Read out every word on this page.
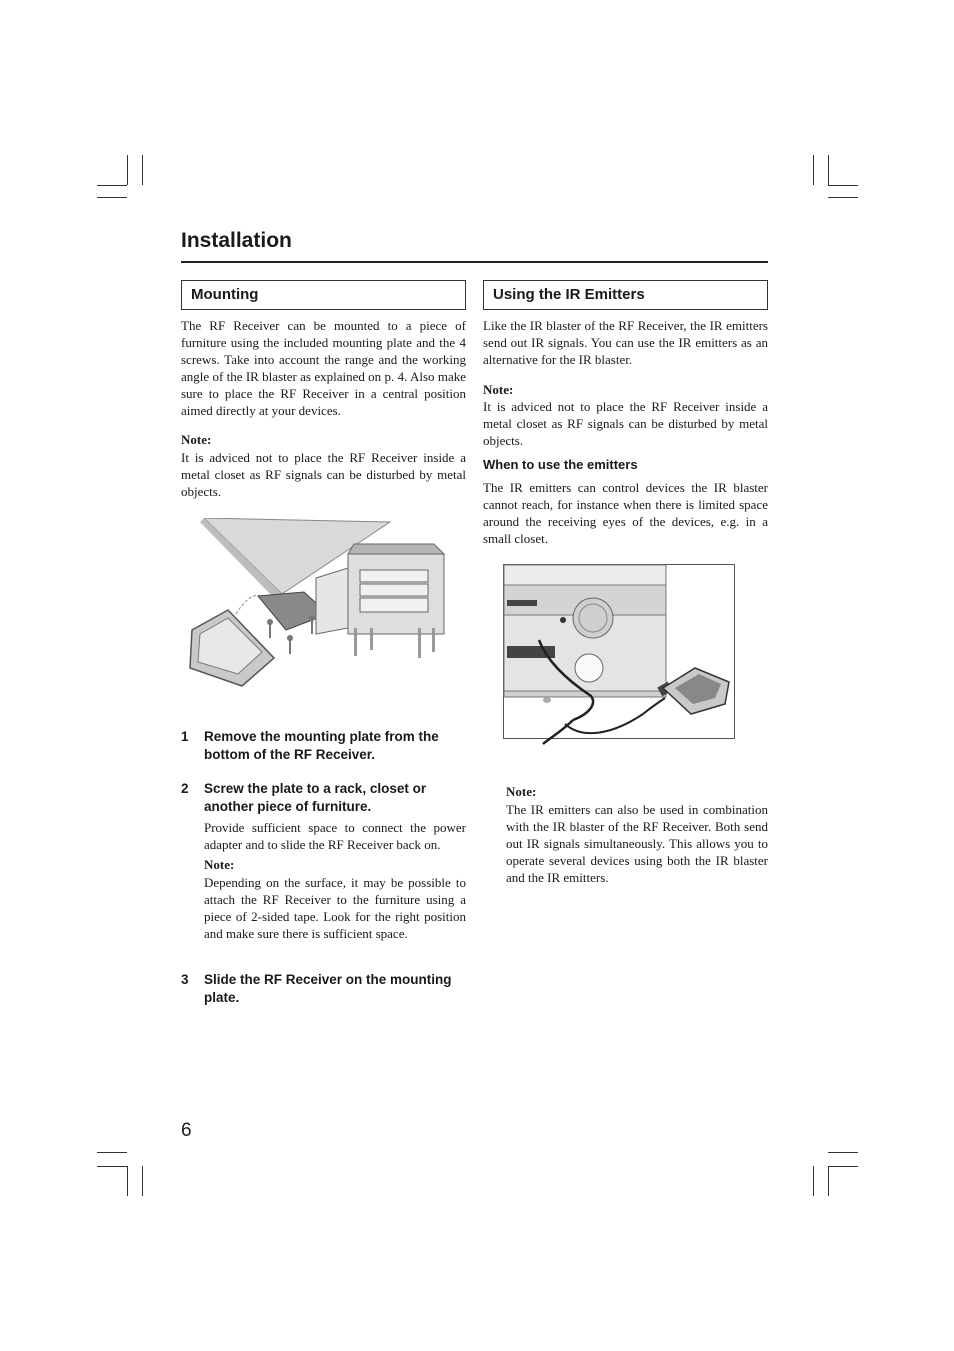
Installation
Mounting

The RF Receiver can be mounted to a piece of furniture using the included mounting plate and the 4 screws. Take into account the range and the working angle of the IR blaster as explained on p. 4. Also make sure to place the RF Receiver in a central position aimed directly at your devices.

Note:

It is adviced not to place the RF Receiver inside a metal closet as RF signals can be disturbed by metal objects.

1 Remove the mounting plate from the bottom of the RF Receiver.
2 Screw the plate to a rack, closet or another piece of furniture.

Provide sufficient space to connect the power adapter and to slide the RF Receiver back on.

Note:

Depending on the surface, it may be possible to attach the RF Receiver to the furniture using a piece of 2-sided tape. Look for the right position and make sure there is sufficient space.

3 Slide the RF Receiver on the mounting plate.
Using the IR Emitters

Like the IR blaster of the RF Receiver, the IR emitters send out IR signals. You can use the IR emitters as an alternative for the IR blaster.

Note:

It is adviced not to place the RF Receiver inside a metal closet as RF signals can be disturbed by metal objects.

When to use the emitters

The IR emitters can control devices the IR blaster cannot reach, for instance when there is limited space around the receiving eyes of the devices, e.g. in a small closet.

Note:

The IR emitters can also be used in combination with the IR blaster of the RF Receiver. Both send out IR signals simultaneously. This allows you to operate several devices using both the IR blaster and the IR emitters.

6
